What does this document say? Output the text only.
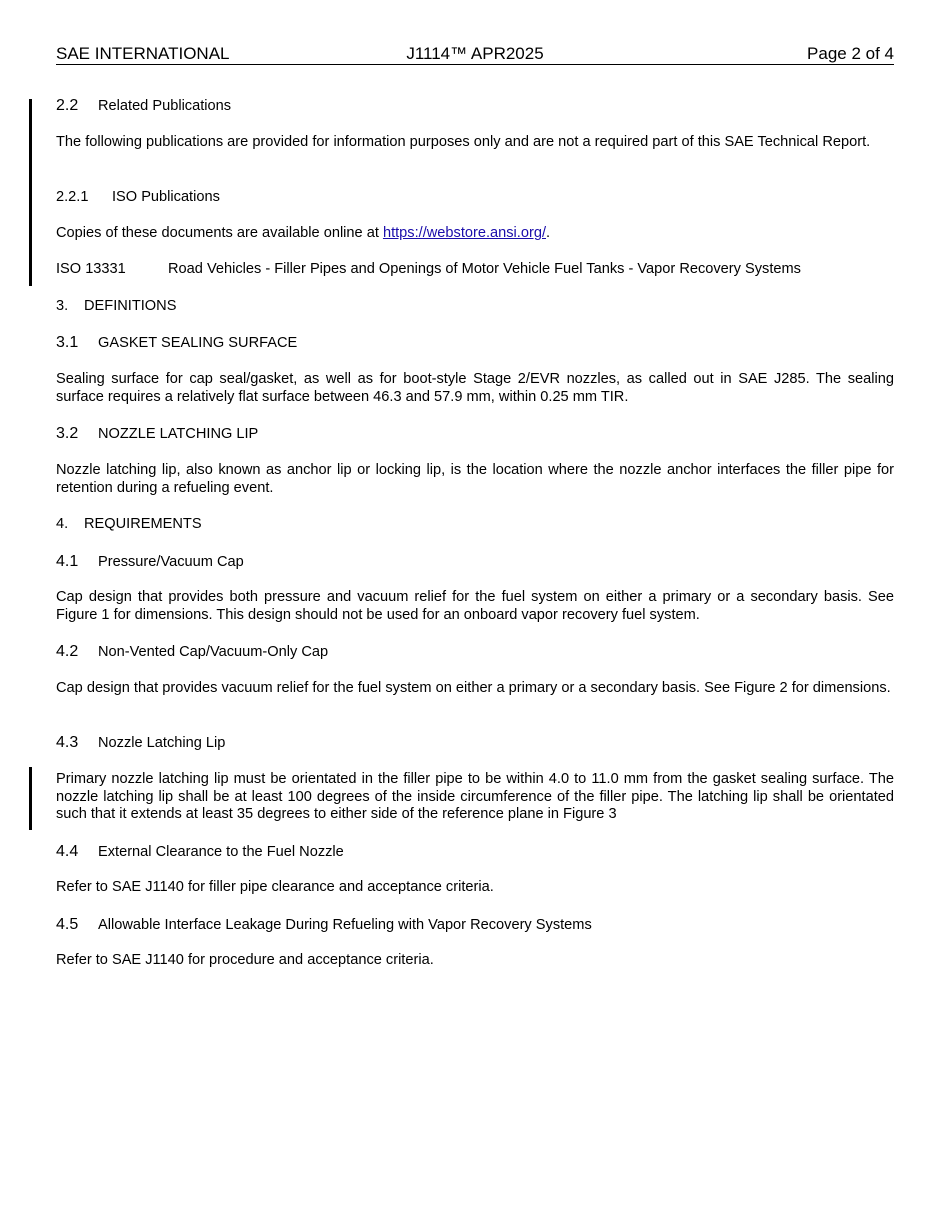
SAE INTERNATIONAL	J1114™ APR2025	Page 2 of 4
2.2 Related Publications
The following publications are provided for information purposes only and are not a required part of this SAE Technical Report.
2.2.1 ISO Publications
Copies of these documents are available online at https://webstore.ansi.org/.
ISO 13331	Road Vehicles - Filler Pipes and Openings of Motor Vehicle Fuel Tanks - Vapor Recovery Systems
3. DEFINITIONS
3.1 GASKET SEALING SURFACE
Sealing surface for cap seal/gasket, as well as for boot-style Stage 2/EVR nozzles, as called out in SAE J285. The sealing surface requires a relatively flat surface between 46.3 and 57.9 mm, within 0.25 mm TIR.
3.2 NOZZLE LATCHING LIP
Nozzle latching lip, also known as anchor lip or locking lip, is the location where the nozzle anchor interfaces the filler pipe for retention during a refueling event.
4. REQUIREMENTS
4.1 Pressure/Vacuum Cap
Cap design that provides both pressure and vacuum relief for the fuel system on either a primary or a secondary basis. See Figure 1 for dimensions. This design should not be used for an onboard vapor recovery fuel system.
4.2 Non-Vented Cap/Vacuum-Only Cap
Cap design that provides vacuum relief for the fuel system on either a primary or a secondary basis. See Figure 2 for dimensions.
4.3 Nozzle Latching Lip
Primary nozzle latching lip must be orientated in the filler pipe to be within 4.0 to 11.0 mm from the gasket sealing surface. The nozzle latching lip shall be at least 100 degrees of the inside circumference of the filler pipe. The latching lip shall be orientated such that it extends at least 35 degrees to either side of the reference plane in Figure 3
4.4 External Clearance to the Fuel Nozzle
Refer to SAE J1140 for filler pipe clearance and acceptance criteria.
4.5 Allowable Interface Leakage During Refueling with Vapor Recovery Systems
Refer to SAE J1140 for procedure and acceptance criteria.
